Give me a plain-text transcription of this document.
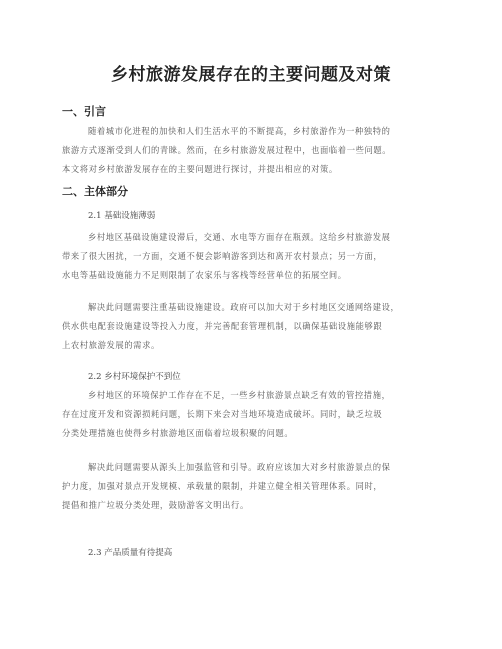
乡村旅游发展存在的主要问题及对策
一、引言
随着城市化进程的加快和人们生活水平的不断提高，乡村旅游作为一种独特的
旅游方式逐渐受到人们的青睐。然而，在乡村旅游发展过程中，也面临着一些问题。
本文将对乡村旅游发展存在的主要问题进行探讨，并提出相应的对策。
二、主体部分
2.1 基础设施薄弱
乡村地区基础设施建设滞后，交通、水电等方面存在瓶颈。这给乡村旅游发展
带来了很大困扰，一方面，交通不便会影响游客到达和离开农村景点；另一方面，
水电等基础设施能力不足则限制了农家乐与客栈等经营单位的拓展空间。
解决此问题需要注重基础设施建设。政府可以加大对于乡村地区交通网络建设，
供水供电配套设施建设等投入力度，并完善配套管理机制，以确保基础设施能够跟
上农村旅游发展的需求。
2.2 乡村环境保护不到位
乡村地区的环境保护工作存在不足，一些乡村旅游景点缺乏有效的管控措施，
存在过度开发和资源损耗问题，长期下来会对当地环境造成破坏。同时，缺乏垃圾
分类处理措施也使得乡村旅游地区面临着垃圾积聚的问题。
解决此问题需要从源头上加强监管和引导。政府应该加大对乡村旅游景点的保
护力度，加强对景点开发规模、承载量的限制，并建立健全相关管理体系。同时，
提倡和推广垃圾分类处理，鼓励游客文明出行。
2.3 产品质量有待提高
